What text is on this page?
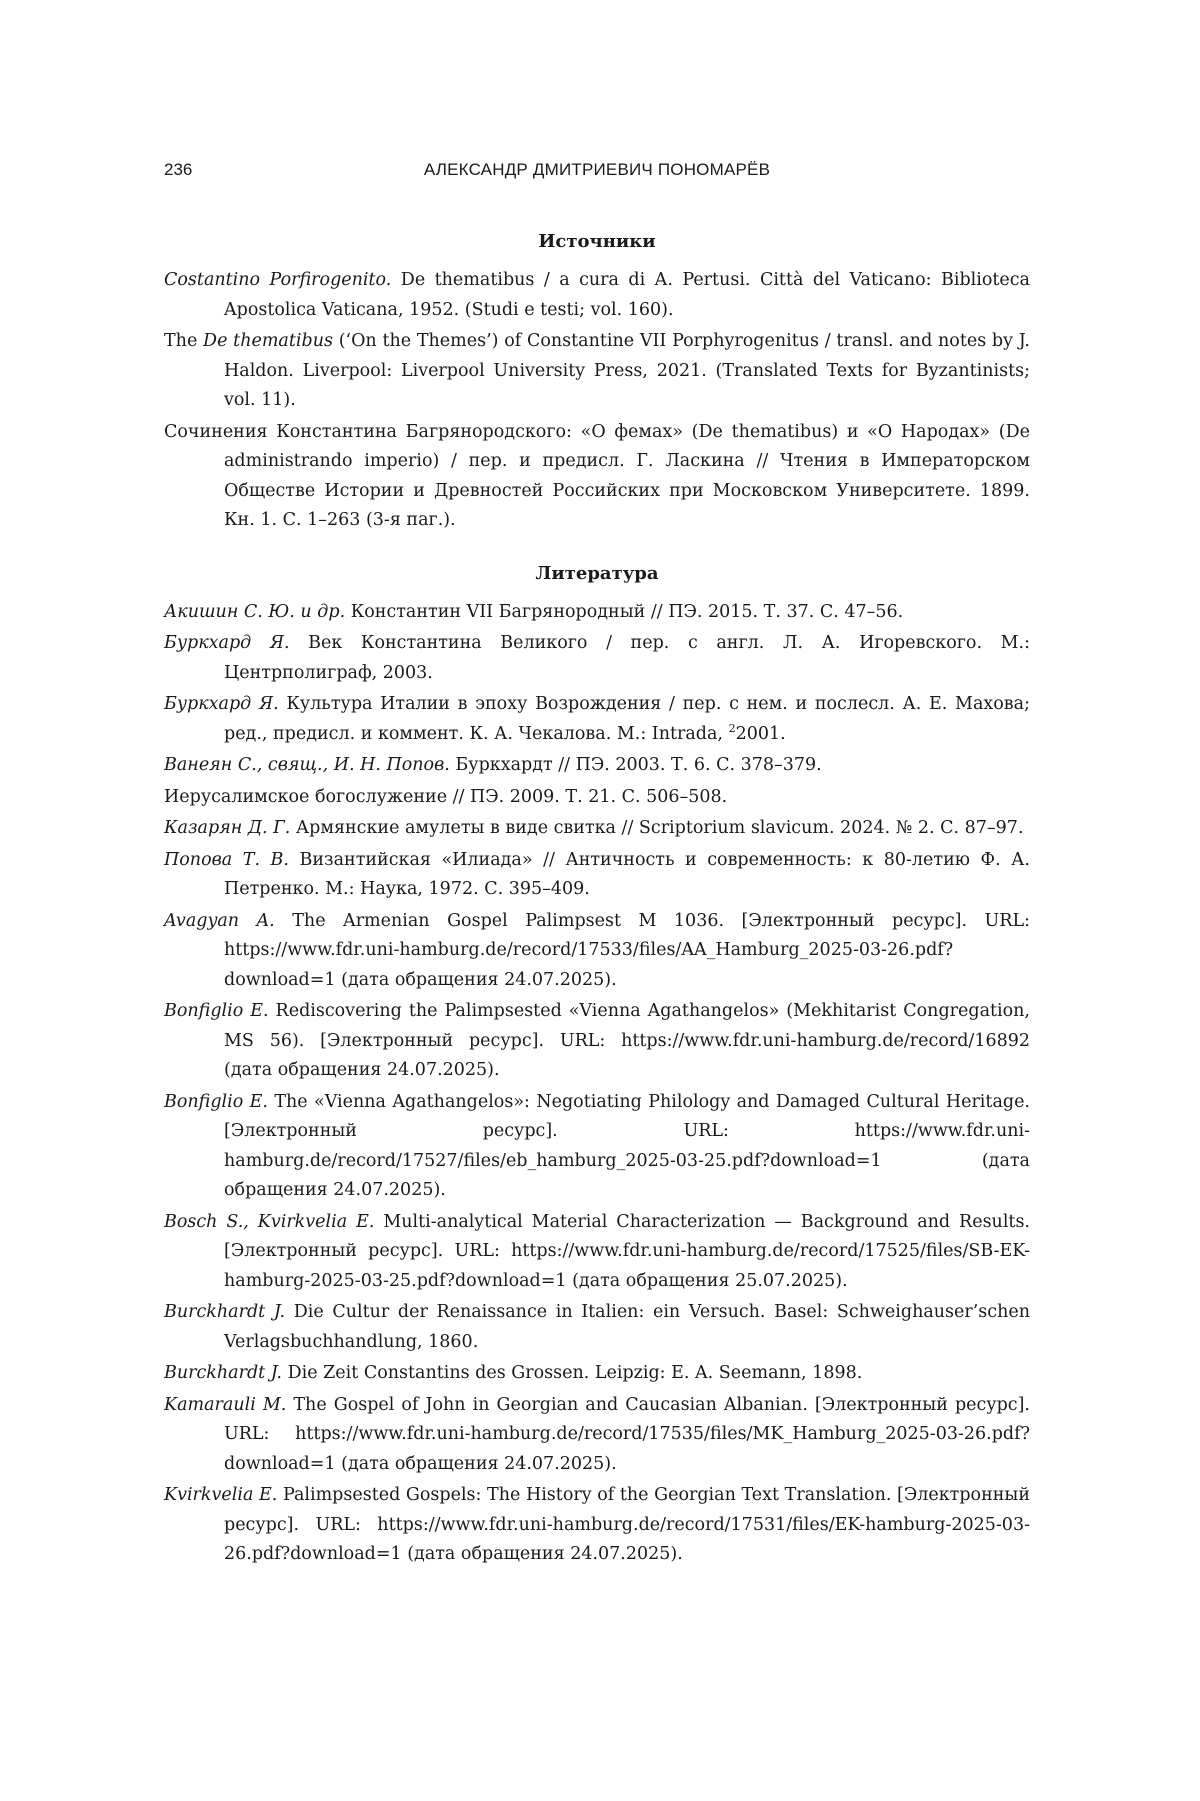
236	АЛЕКСАНДР ДМИТРИЕВИЧ ПОНОМАРЁВ
Источники

Costantino Porfirogenito. De thematibus / a cura di A. Pertusi. Città del Vaticano: Biblioteca Apostolica Vaticana, 1952. (Studi e testi; vol. 160).

The De thematibus (‘On the Themes’) of Constantine VII Porphyrogenitus / transl. and notes by J. Haldon. Liverpool: Liverpool University Press, 2021. (Translated Texts for Byzantinists; vol. 11).

Сочинения Константина Багрянородского: «О фемах» (De thematibus) и «О Народах» (De administrando imperio) / пер. и предисл. Г. Ласкина // Чтения в Императорском Обществе Истории и Древностей Российских при Московском Университете. 1899. Кн. 1. С. 1–263 (3-я паг.).

Литература

Акишин С. Ю. и др. Константин VII Багрянородный // ПЭ. 2015. Т. 37. С. 47–56.

Буркхард Я. Век Константина Великого / пер. с англ. Л. А. Игоревского. М.: Центрполиграф, 2003.

Буркхард Я. Культура Италии в эпоху Возрождения / пер. с нем. и послесл. А. Е. Махова; ред., предисл. и коммент. К. А. Чекалова. М.: Intrada, $^2$2001.

Ванеян С., свящ., И. Н. Попов. Буркхардт // ПЭ. 2003. Т. 6. С. 378–379.

Иерусалимское богослужение // ПЭ. 2009. Т. 21. С. 506–508.

Казарян Д. Г. Армянские амулеты в виде свитка // Scriptorium slavicum. 2024. № 2. С. 87–97.

Попова Т. В. Византийская «Илиада» // Античность и современность: к 80-летию Ф. А. Петренко. М.: Наука, 1972. С. 395–409.

Avagyan A. The Armenian Gospel Palimpsest M 1036. [Электронный ресурс]. URL: https://www.fdr.uni-hamburg.de/record/17533/files/AA_Hamburg_2025-03-26.pdf?download=1 (дата обращения 24.07.2025).

Bonfiglio E. Rediscovering the Palimpsested «Vienna Agathangelos» (Mekhitarist Congregation, MS 56). [Электронный ресурс]. URL: https://www.fdr.uni-hamburg.de/record/16892 (дата обращения 24.07.2025).

Bonfiglio E. The «Vienna Agathangelos»: Negotiating Philology and Damaged Cultural Heritage. [Электронный ресурс]. URL: https://www.fdr.uni-hamburg.de/record/17527/files/eb_hamburg_2025-03-25.pdf?download=1 (дата обращения 24.07.2025).

Bosch S., Kvirkvelia E. Multi-analytical Material Characterization — Background and Results. [Электронный ресурс]. URL: https://www.fdr.uni-hamburg.de/record/17525/files/SB-EK-hamburg-2025-03-25.pdf?download=1 (дата обращения 25.07.2025).

Burckhardt J. Die Cultur der Renaissance in Italien: ein Versuch. Basel: Schweighauser’schen Verlagsbuchhandlung, 1860.

Burckhardt J. Die Zeit Constantins des Grossen. Leipzig: E. A. Seemann, 1898.

Kamarauli M. The Gospel of John in Georgian and Caucasian Albanian. [Электронный ресурс]. URL: https://www.fdr.uni-hamburg.de/record/17535/files/MK_Hamburg_2025-03-26.pdf?download=1 (дата обращения 24.07.2025).

Kvirkvelia E. Palimpsested Gospels: The History of the Georgian Text Translation. [Электронный ресурс]. URL: https://www.fdr.uni-hamburg.de/record/17531/files/EK-hamburg-2025-03-26.pdf?download=1 (дата обращения 24.07.2025).
